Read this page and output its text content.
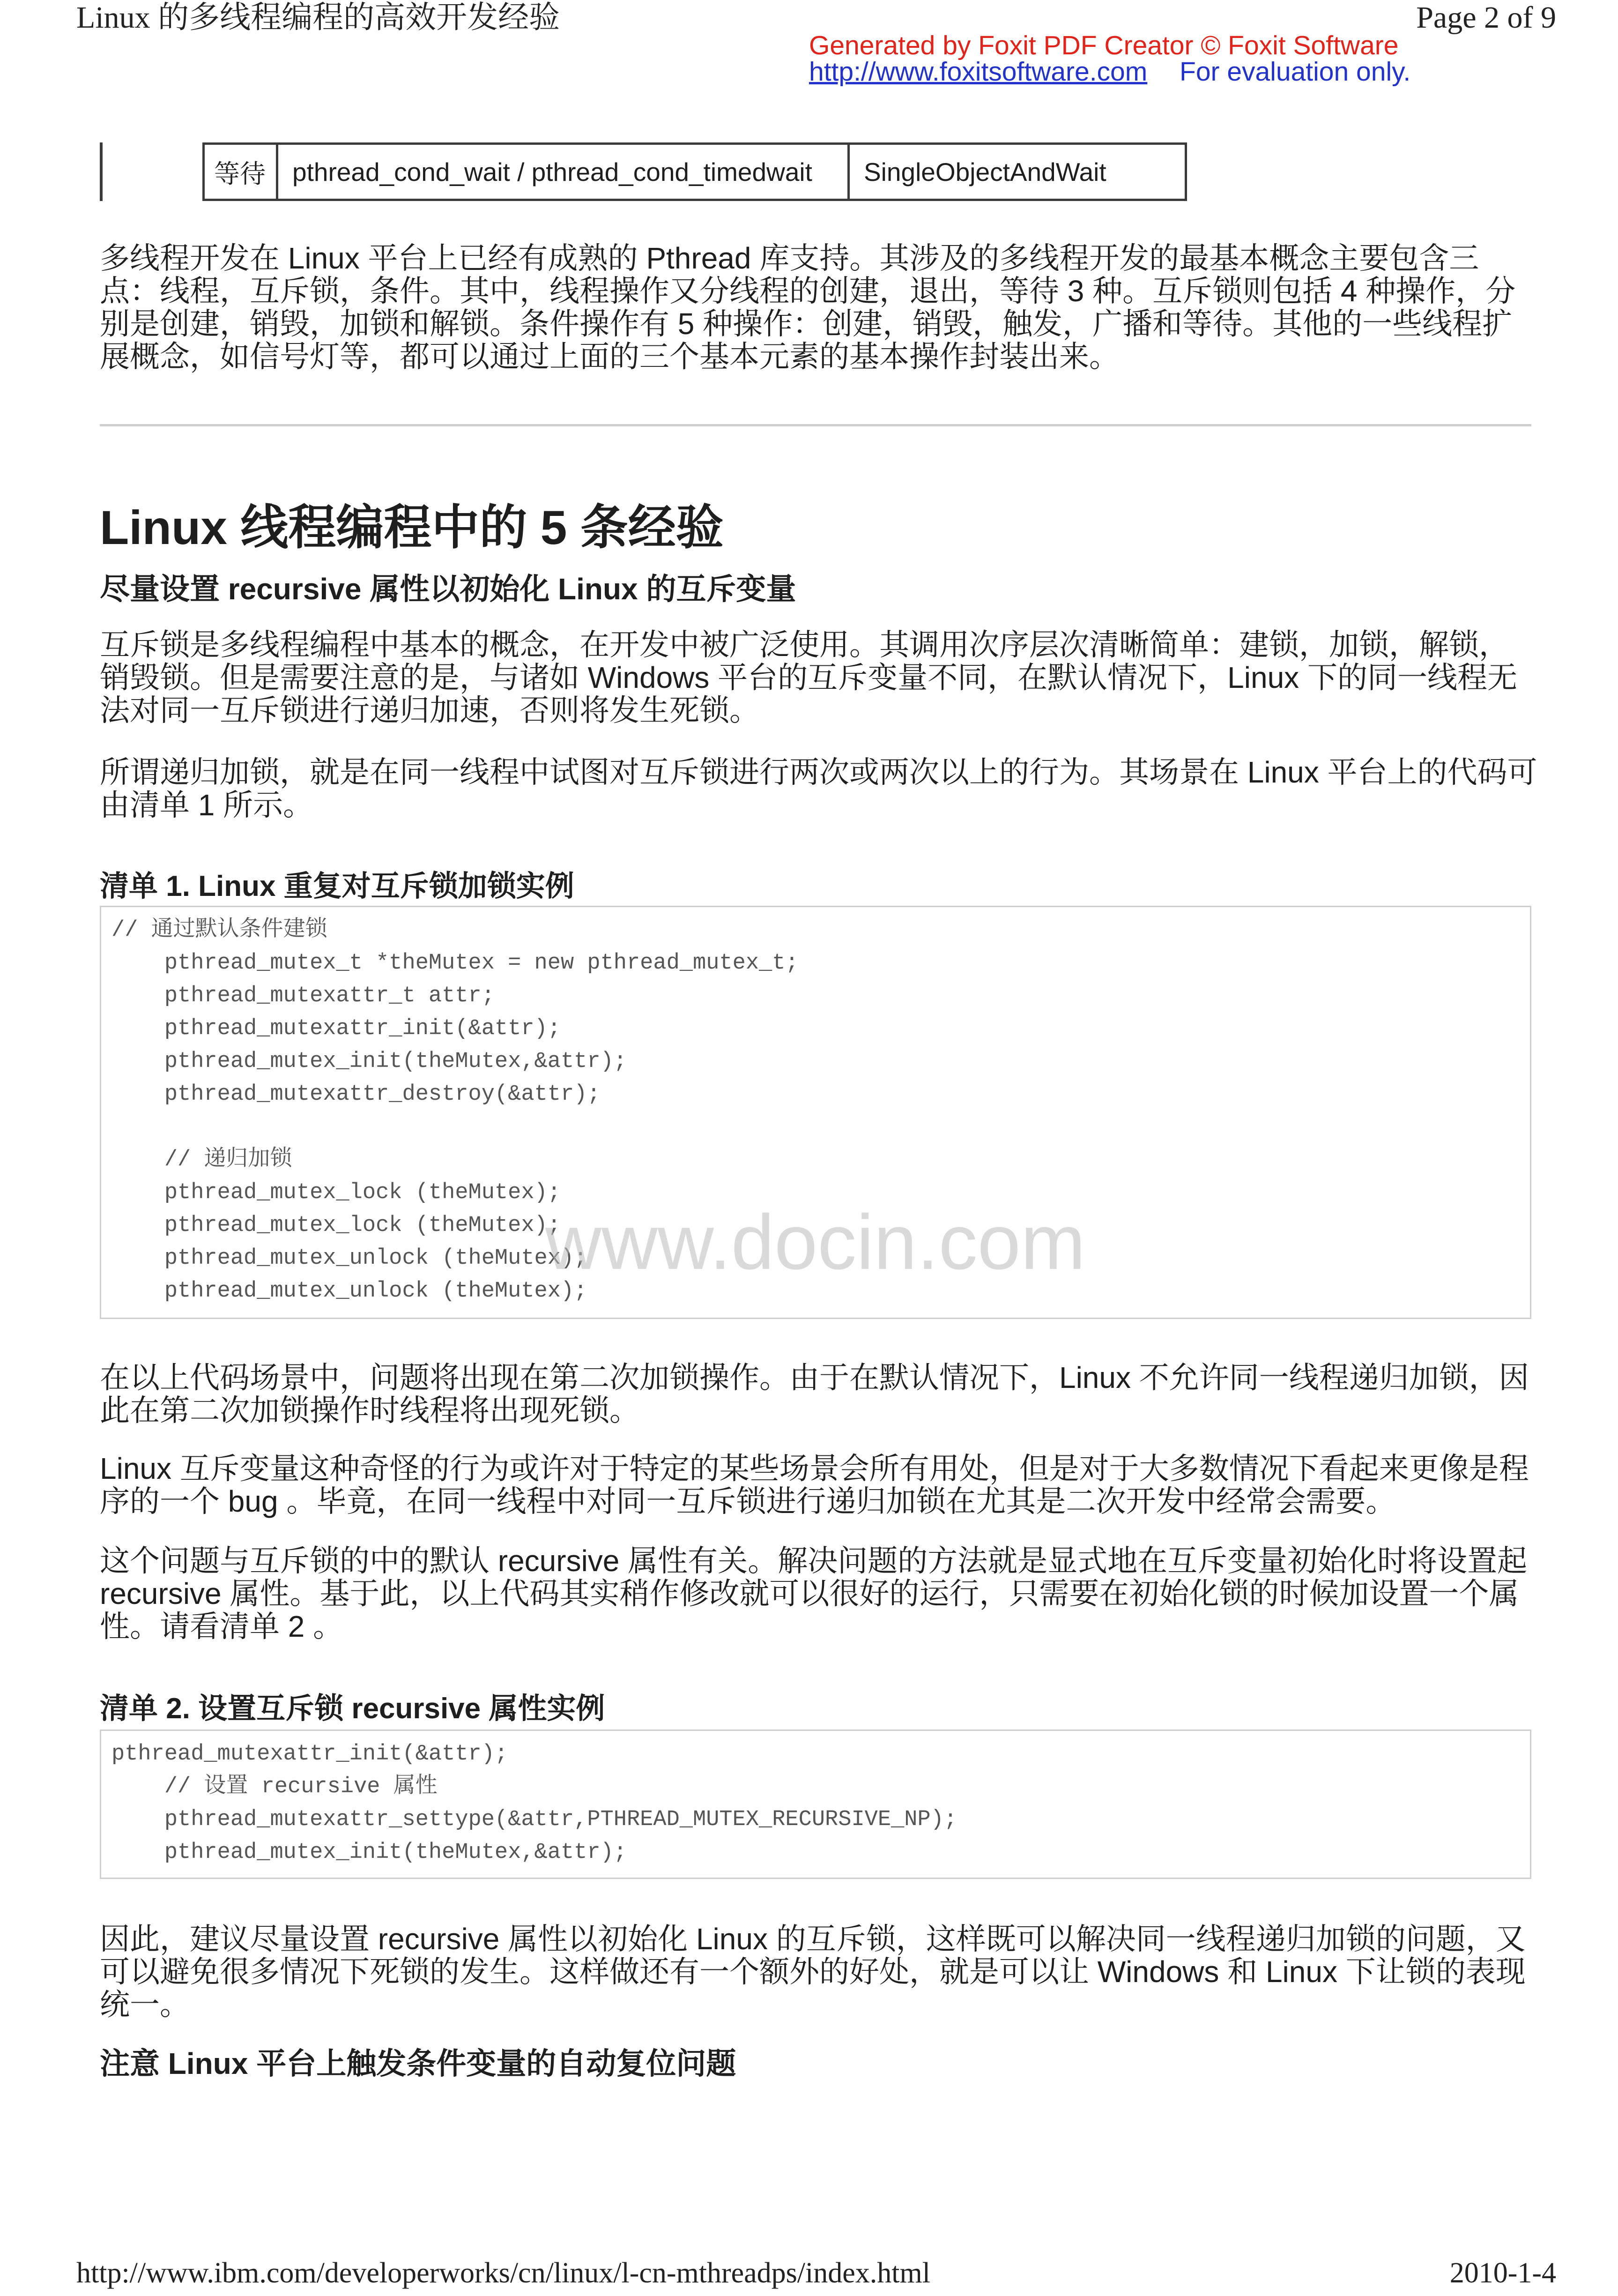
Linux 的多线程编程的高效开发经验	Page 2 of 9
Generated by Foxit PDF Creator © Foxit Software
http://www.foxitsoftware.com For evaluation only.
等待	pthread_cond_wait / pthread_cond_timedwait	SingleObjectAndWait
多线程开发在 Linux 平台上已经有成熟的 Pthread 库支持。其涉及的多线程开发的最基本概念主要包含三
点：线程，互斥锁，条件。其中，线程操作又分线程的创建，退出，等待 3 种。互斥锁则包括 4 种操作，分
别是创建，销毁，加锁和解锁。条件操作有 5 种操作：创建，销毁，触发，广播和等待。其他的一些线程扩
展概念，如信号灯等，都可以通过上面的三个基本元素的基本操作封装出来。
Linux 线程编程中的 5 条经验
尽量设置 recursive 属性以初始化 Linux 的互斥变量
互斥锁是多线程编程中基本的概念，在开发中被广泛使用。其调用次序层次清晰简单：建锁，加锁，解锁，
销毁锁。但是需要注意的是，与诸如 Windows 平台的互斥变量不同，在默认情况下，Linux 下的同一线程无
法对同一互斥锁进行递归加速，否则将发生死锁。
所谓递归加锁，就是在同一线程中试图对互斥锁进行两次或两次以上的行为。其场景在 Linux 平台上的代码可
由清单 1 所示。
清单 1. Linux 重复对互斥锁加锁实例
// 通过默认条件建锁
pthread_mutex_t *theMutex = new pthread_mutex_t;
pthread_mutexattr_t attr;
pthread_mutexattr_init(&attr);
pthread_mutex_init(theMutex,&attr);
pthread_mutexattr_destroy(&attr);
// 递归加锁
pthread_mutex_lock (theMutex);
pthread_mutex_lock (theMutex);
pthread_mutex_unlock (theMutex);
pthread_mutex_unlock (theMutex);
www.docin.com
在以上代码场景中，问题将出现在第二次加锁操作。由于在默认情况下，Linux 不允许同一线程递归加锁，因
此在第二次加锁操作时线程将出现死锁。
Linux 互斥变量这种奇怪的行为或许对于特定的某些场景会所有用处，但是对于大多数情况下看起来更像是程
序的一个 bug 。毕竟，在同一线程中对同一互斥锁进行递归加锁在尤其是二次开发中经常会需要。
这个问题与互斥锁的中的默认 recursive 属性有关。解决问题的方法就是显式地在互斥变量初始化时将设置起
recursive 属性。基于此，以上代码其实稍作修改就可以很好的运行，只需要在初始化锁的时候加设置一个属
性。请看清单 2 。
清单 2. 设置互斥锁 recursive 属性实例
pthread_mutexattr_init(&attr);
// 设置 recursive 属性
pthread_mutexattr_settype(&attr,PTHREAD_MUTEX_RECURSIVE_NP);
pthread_mutex_init(theMutex,&attr);
因此，建议尽量设置 recursive 属性以初始化 Linux 的互斥锁，这样既可以解决同一线程递归加锁的问题，又
可以避免很多情况下死锁的发生。这样做还有一个额外的好处，就是可以让 Windows 和 Linux 下让锁的表现
统一。
注意 Linux 平台上触发条件变量的自动复位问题
http://www.ibm.com/developerworks/cn/linux/l-cn-mthreadps/index.html	2010-1-4
